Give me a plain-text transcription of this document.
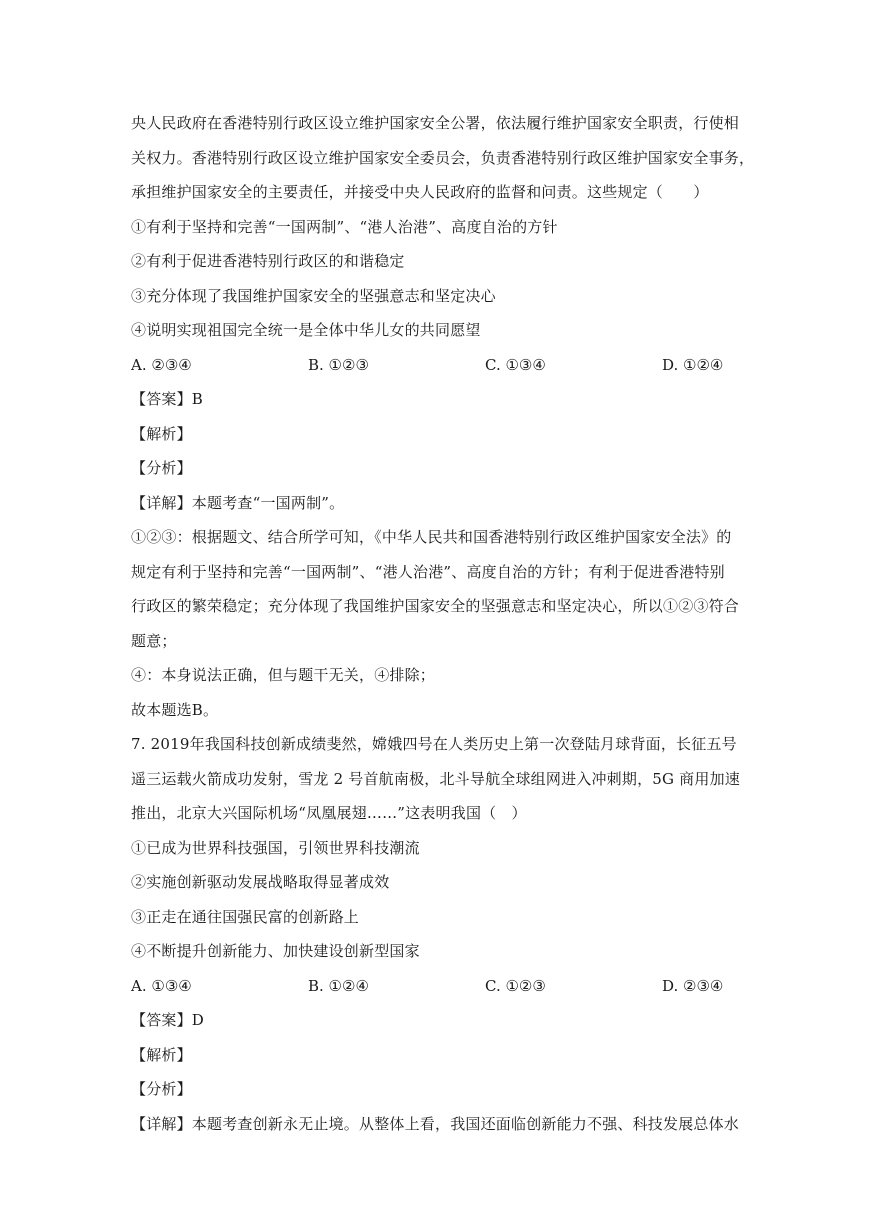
央人民政府在香港特别行政区设立维护国家安全公署，依法履行维护国家安全职责，行使相
关权力。香港特别行政区设立维护国家安全委员会，负责香港特别行政区维护国家安全事务，
承担维护国家安全的主要责任，并接受中央人民政府的监督和问责。这些规定（　　）
①有利于坚持和完善“一国两制”、“港人治港”、高度自治的方针
②有利于促进香港特别行政区的和谐稳定
③充分体现了我国维护国家安全的坚强意志和坚定决心
④说明实现祖国完全统一是全体中华儿女的共同愿望
A. ②③④	B. ①②③	C. ①③④	D. ①②④
【答案】B
【解析】
【分析】
【详解】本题考查“一国两制”。
①②③：根据题文、结合所学可知，《中华人民共和国香港特别行政区维护国家安全法》的
规定有利于坚持和完善“一国两制”、“港人治港”、高度自治的方针；有利于促进香港特别
行政区的繁荣稳定；充分体现了我国维护国家安全的坚强意志和坚定决心，所以①②③符合
题意；
④：本身说法正确，但与题干无关，④排除；
故本题选B。
7. 2019年我国科技创新成绩斐然，嫦娥四号在人类历史上第一次登陆月球背面，长征五号
遥三运载火箭成功发射，雪龙 2 号首航南极，北斗导航全球组网进入冲刺期，5G 商用加速
推出，北京大兴国际机场“凤凰展翅……”这表明我国（　）
①已成为世界科技强国，引领世界科技潮流
②实施创新驱动发展战略取得显著成效
③正走在通往国强民富的创新路上
④不断提升创新能力、加快建设创新型国家
A. ①③④	B. ①②④	C. ①②③	D. ②③④
【答案】D
【解析】
【分析】
【详解】本题考查创新永无止境。从整体上看，我国还面临创新能力不强、科技发展总体水
